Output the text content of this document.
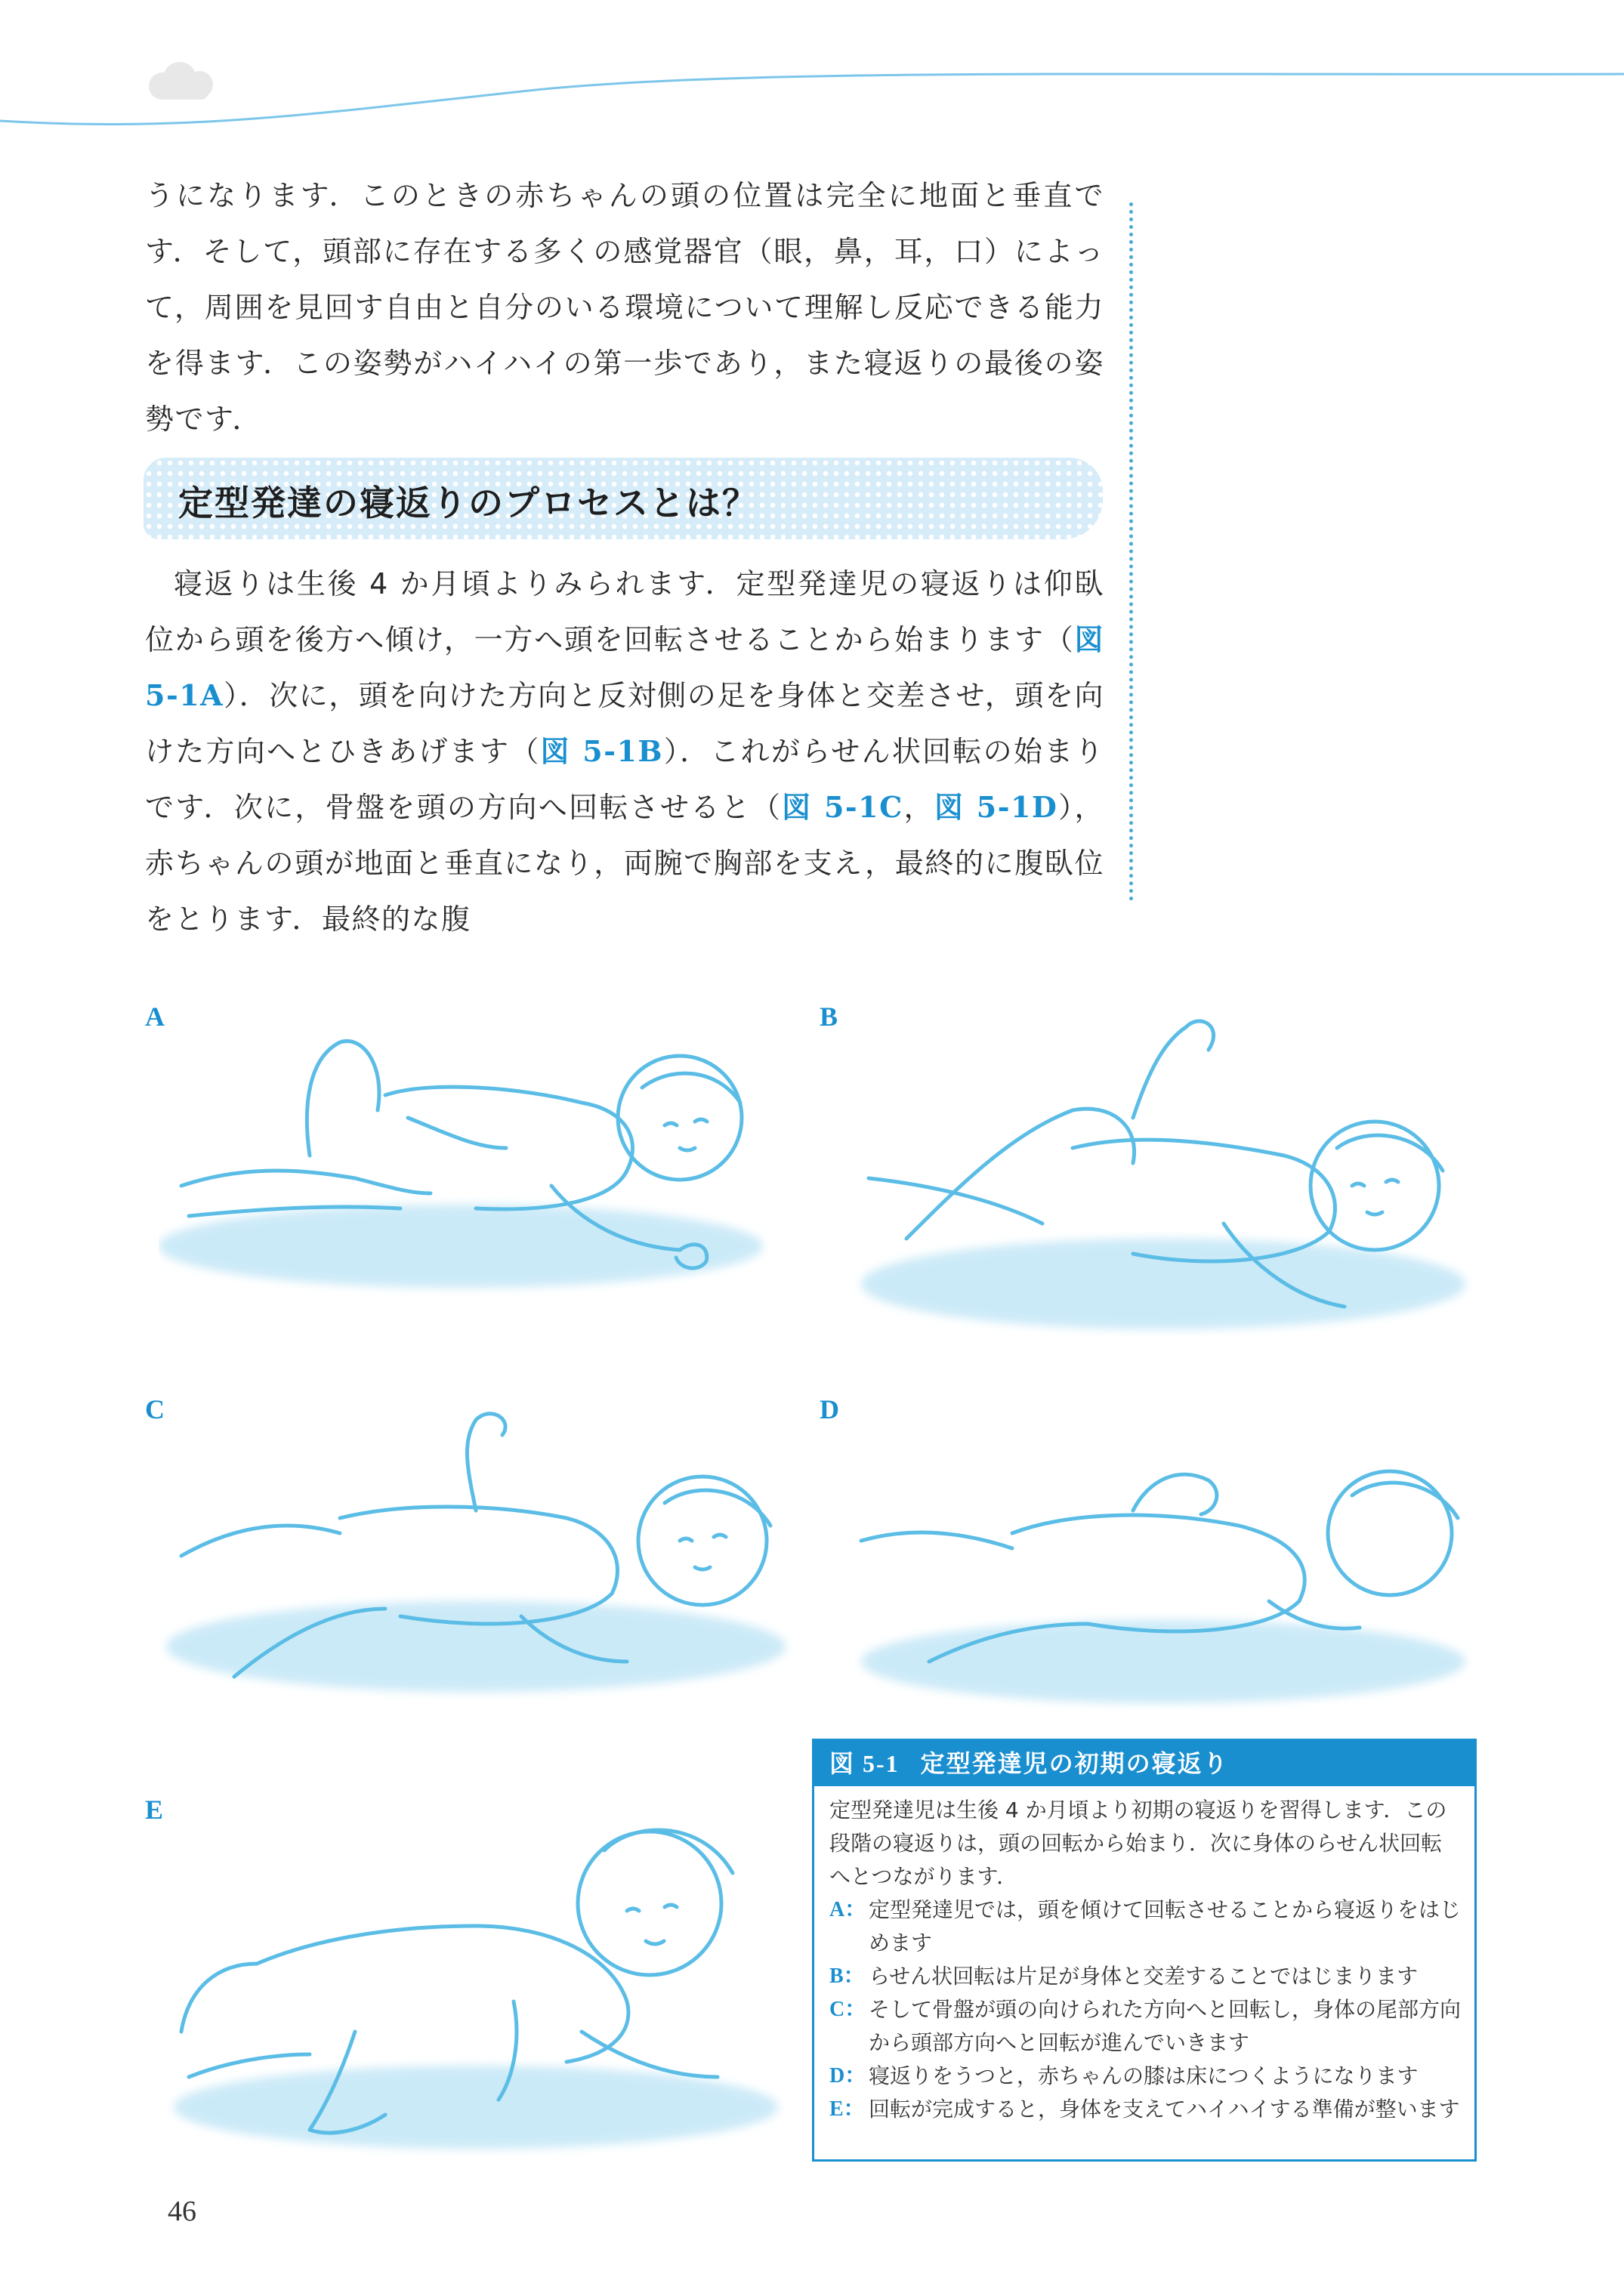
うになります．このときの赤ちゃんの頭の位置は完全に地面と垂直です．そして，頭部に存在する多くの感覚器官（眼，鼻，耳，口）によって，周囲を見回す自由と自分のいる環境について理解し反応できる能力を得ます．この姿勢がハイハイの第一歩であり，また寝返りの最後の姿勢です．

定型発達の寝返りのプロセスとは？

寝返りは生後 4 か月頃よりみられます．定型発達児の寝返りは仰臥位から頭を後方へ傾け，一方へ頭を回転させることから始まります（図 5-1A）．次に，頭を向けた方向と反対側の足を身体と交差させ，頭を向けた方向へとひきあげます（図 5-1B）．これがらせん状回転の始まりです．次に，骨盤を頭の方向へ回転させると（図 5-1C，図 5-1D），赤ちゃんの頭が地面と垂直になり，両腕で胸部を支え，最終的に腹臥位をとります．最終的な腹

A	B
C	D
E
図 5-1 定型発達児の初期の寝返り

定型発達児は生後 4 か月頃より初期の寝返りを習得します．この段階の寝返りは，頭の回転から始まり．次に身体のらせん状回転へとつながります．

A： 定型発達児では，頭を傾けて回転させることから寝返りをはじめます

B： らせん状回転は片足が身体と交差することではじまります

C： そして骨盤が頭の向けられた方向へと回転し，身体の尾部方向から頭部方向へと回転が進んでいきます

D： 寝返りをうつと，赤ちゃんの膝は床につくようになります

E： 回転が完成すると，身体を支えてハイハイする準備が整います

46
